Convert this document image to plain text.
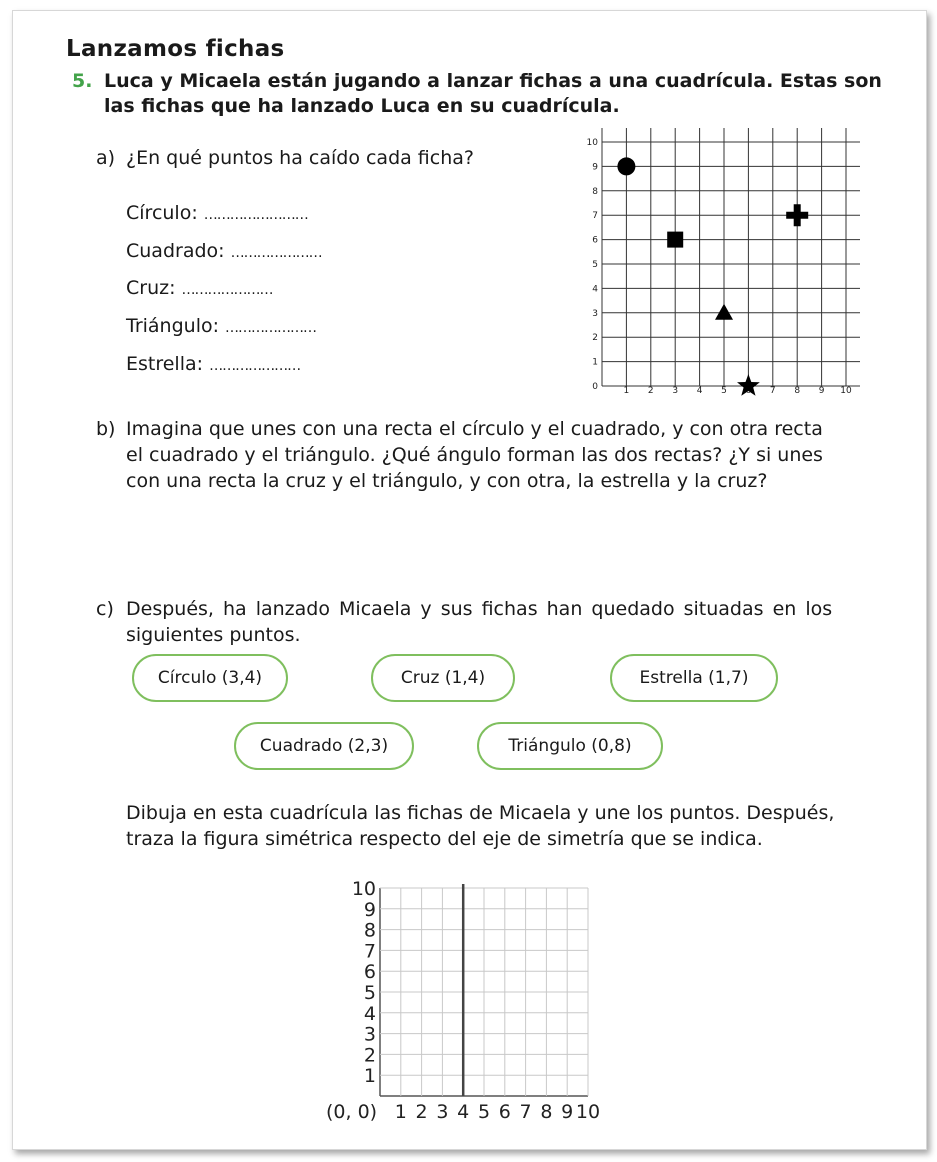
Lanzamos fichas
5. Luca y Micaela están jugando a lanzar fichas a una cuadrícula. Estas son
las fichas que ha lanzado Luca en su cuadrícula.
a) ¿En qué puntos ha caído cada ficha?
Círculo: ……………………
Cuadrado: …………………
Cruz: …………………
Triángulo: …………………
Estrella: …………………
1 2 3 4 5	7 8 9 10
0
1
2
3
4
5
6
7
8
9
10
b) Imagina que unes con una recta el círculo y el cuadrado, y con otra recta
el cuadrado y el triángulo. ¿Qué ángulo forman las dos rectas? ¿Y si unes
con una recta la cruz y el triángulo, y con otra, la estrella y la cruz?
c) Después, ha lanzado Micaela y sus fichas han quedado situadas en los
siguientes puntos.
Círculo (3,4)	Cruz (1,4)	Estrella (1,7)
Cuadrado (2,3)	Triángulo (0,8)
Dibuja en esta cuadrícula las fichas de Micaela y une los puntos. Después,
traza la figura simétrica respecto del eje de simetría que se indica.
1 2 3 4 5 6 7 8 9 10
1
2
3
4
5
6
7
8
9
10
(0, 0)
